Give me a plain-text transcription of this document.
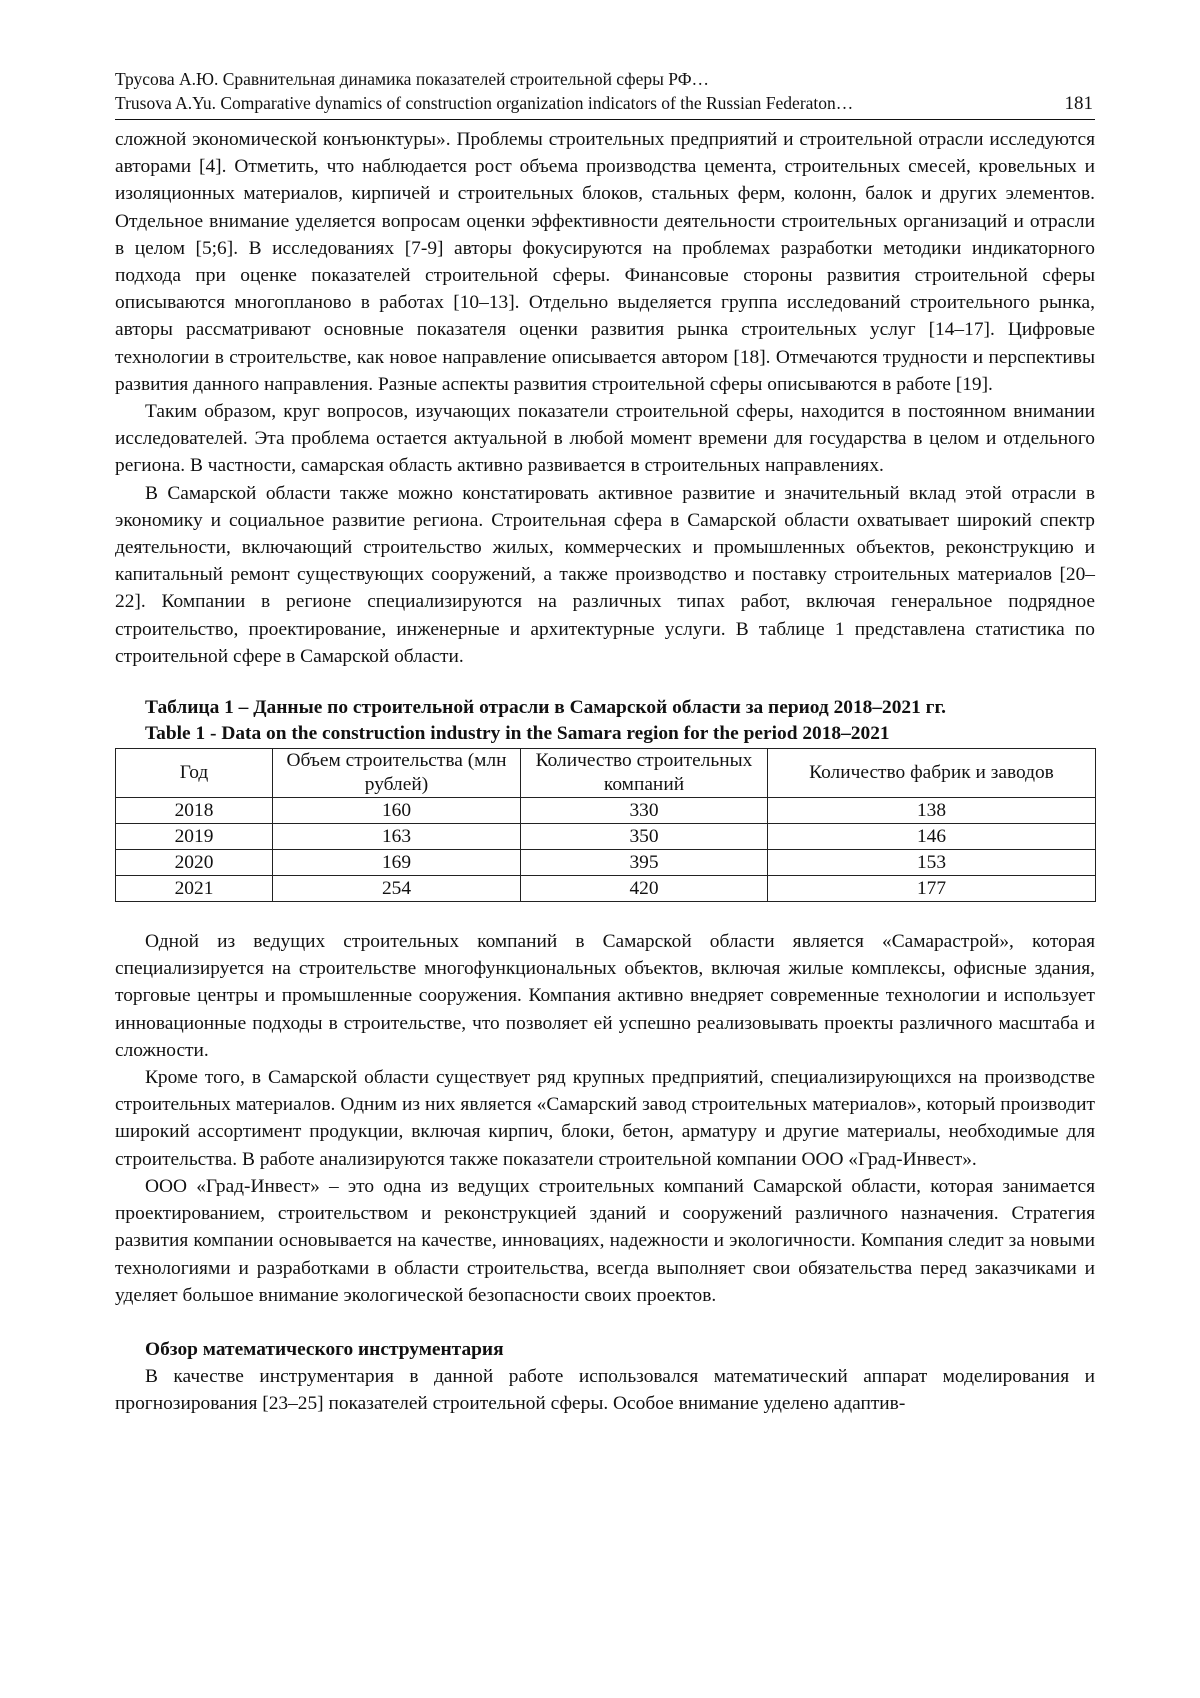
Трусова А.Ю. Сравнительная динамика показателей строительной сферы РФ…
Trusova A.Yu. Comparative dynamics of construction organization indicators of the Russian Federaton…	181

сложной экономической конъюнктуры». Проблемы строительных предприятий и строительной отрасли исследуются авторами [4]. Отметить, что наблюдается рост объема производства цемента, строительных смесей, кровельных и изоляционных материалов, кирпичей и строительных блоков, стальных ферм, колонн, балок и других элементов. Отдельное внимание уделяется вопросам оценки эффективности деятельности строительных организаций и отрасли в целом [5;6]. В исследованиях [7-9] авторы фокусируются на проблемах разработки методики индикаторного подхода при оценке показателей строительной сферы. Финансовые стороны развития строительной сферы описываются многопланово в работах [10–13]. Отдельно выделяется группа исследований строительного рынка, авторы рассматривают основные показателя оценки развития рынка строительных услуг [14–17]. Цифровые технологии в строительстве, как новое направление описывается автором [18]. Отмечаются трудности и перспективы развития данного направления. Разные аспекты развития строительной сферы описываются в работе [19].

Таким образом, круг вопросов, изучающих показатели строительной сферы, находится в постоянном внимании исследователей. Эта проблема остается актуальной в любой момент времени для государства в целом и отдельного региона. В частности, самарская область активно развивается в строительных направлениях.

В Самарской области также можно констатировать активное развитие и значительный вклад этой отрасли в экономику и социальное развитие региона. Строительная сфера в Самарской области охватывает широкий спектр деятельности, включающий строительство жилых, коммерческих и промышленных объектов, реконструкцию и капитальный ремонт существующих сооружений, а также производство и поставку строительных материалов [20–22]. Компании в регионе специализируются на различных типах работ, включая генеральное подрядное строительство, проектирование, инженерные и архитектурные услуги. В таблице 1 представлена статистика по строительной сфере в Самарской области.

Таблица 1 – Данные по строительной отрасли в Самарской области за период 2018–2021 гг.
Table 1 - Data on the construction industry in the Samara region for the period 2018–2021
Год	Объем строительства (млн рублей)	Количество строительных компаний	Количество фабрик и заводов
2018	160	330	138
2019	163	350	146
2020	169	395	153
2021	254	420	177

Одной из ведущих строительных компаний в Самарской области является «Самарастрой», которая специализируется на строительстве многофункциональных объектов, включая жилые комплексы, офисные здания, торговые центры и промышленные сооружения. Компания активно внедряет современные технологии и использует инновационные подходы в строительстве, что позволяет ей успешно реализовывать проекты различного масштаба и сложности.

Кроме того, в Самарской области существует ряд крупных предприятий, специализирующихся на производстве строительных материалов. Одним из них является «Самарский завод строительных материалов», который производит широкий ассортимент продукции, включая кирпич, блоки, бетон, арматуру и другие материалы, необходимые для строительства. В работе анализируются также показатели строительной компании ООО «Град-Инвест».

ООО «Град-Инвест» – это одна из ведущих строительных компаний Самарской области, которая занимается проектированием, строительством и реконструкцией зданий и сооружений различного назначения. Стратегия развития компании основывается на качестве, инновациях, надежности и экологичности. Компания следит за новыми технологиями и разработками в области строительства, всегда выполняет свои обязательства перед заказчиками и уделяет большое внимание экологической безопасности своих проектов.

Обзор математического инструментария

В качестве инструментария в данной работе использовался математический аппарат моделирования и прогнозирования [23–25] показателей строительной сферы. Особое внимание уделено адаптив-
